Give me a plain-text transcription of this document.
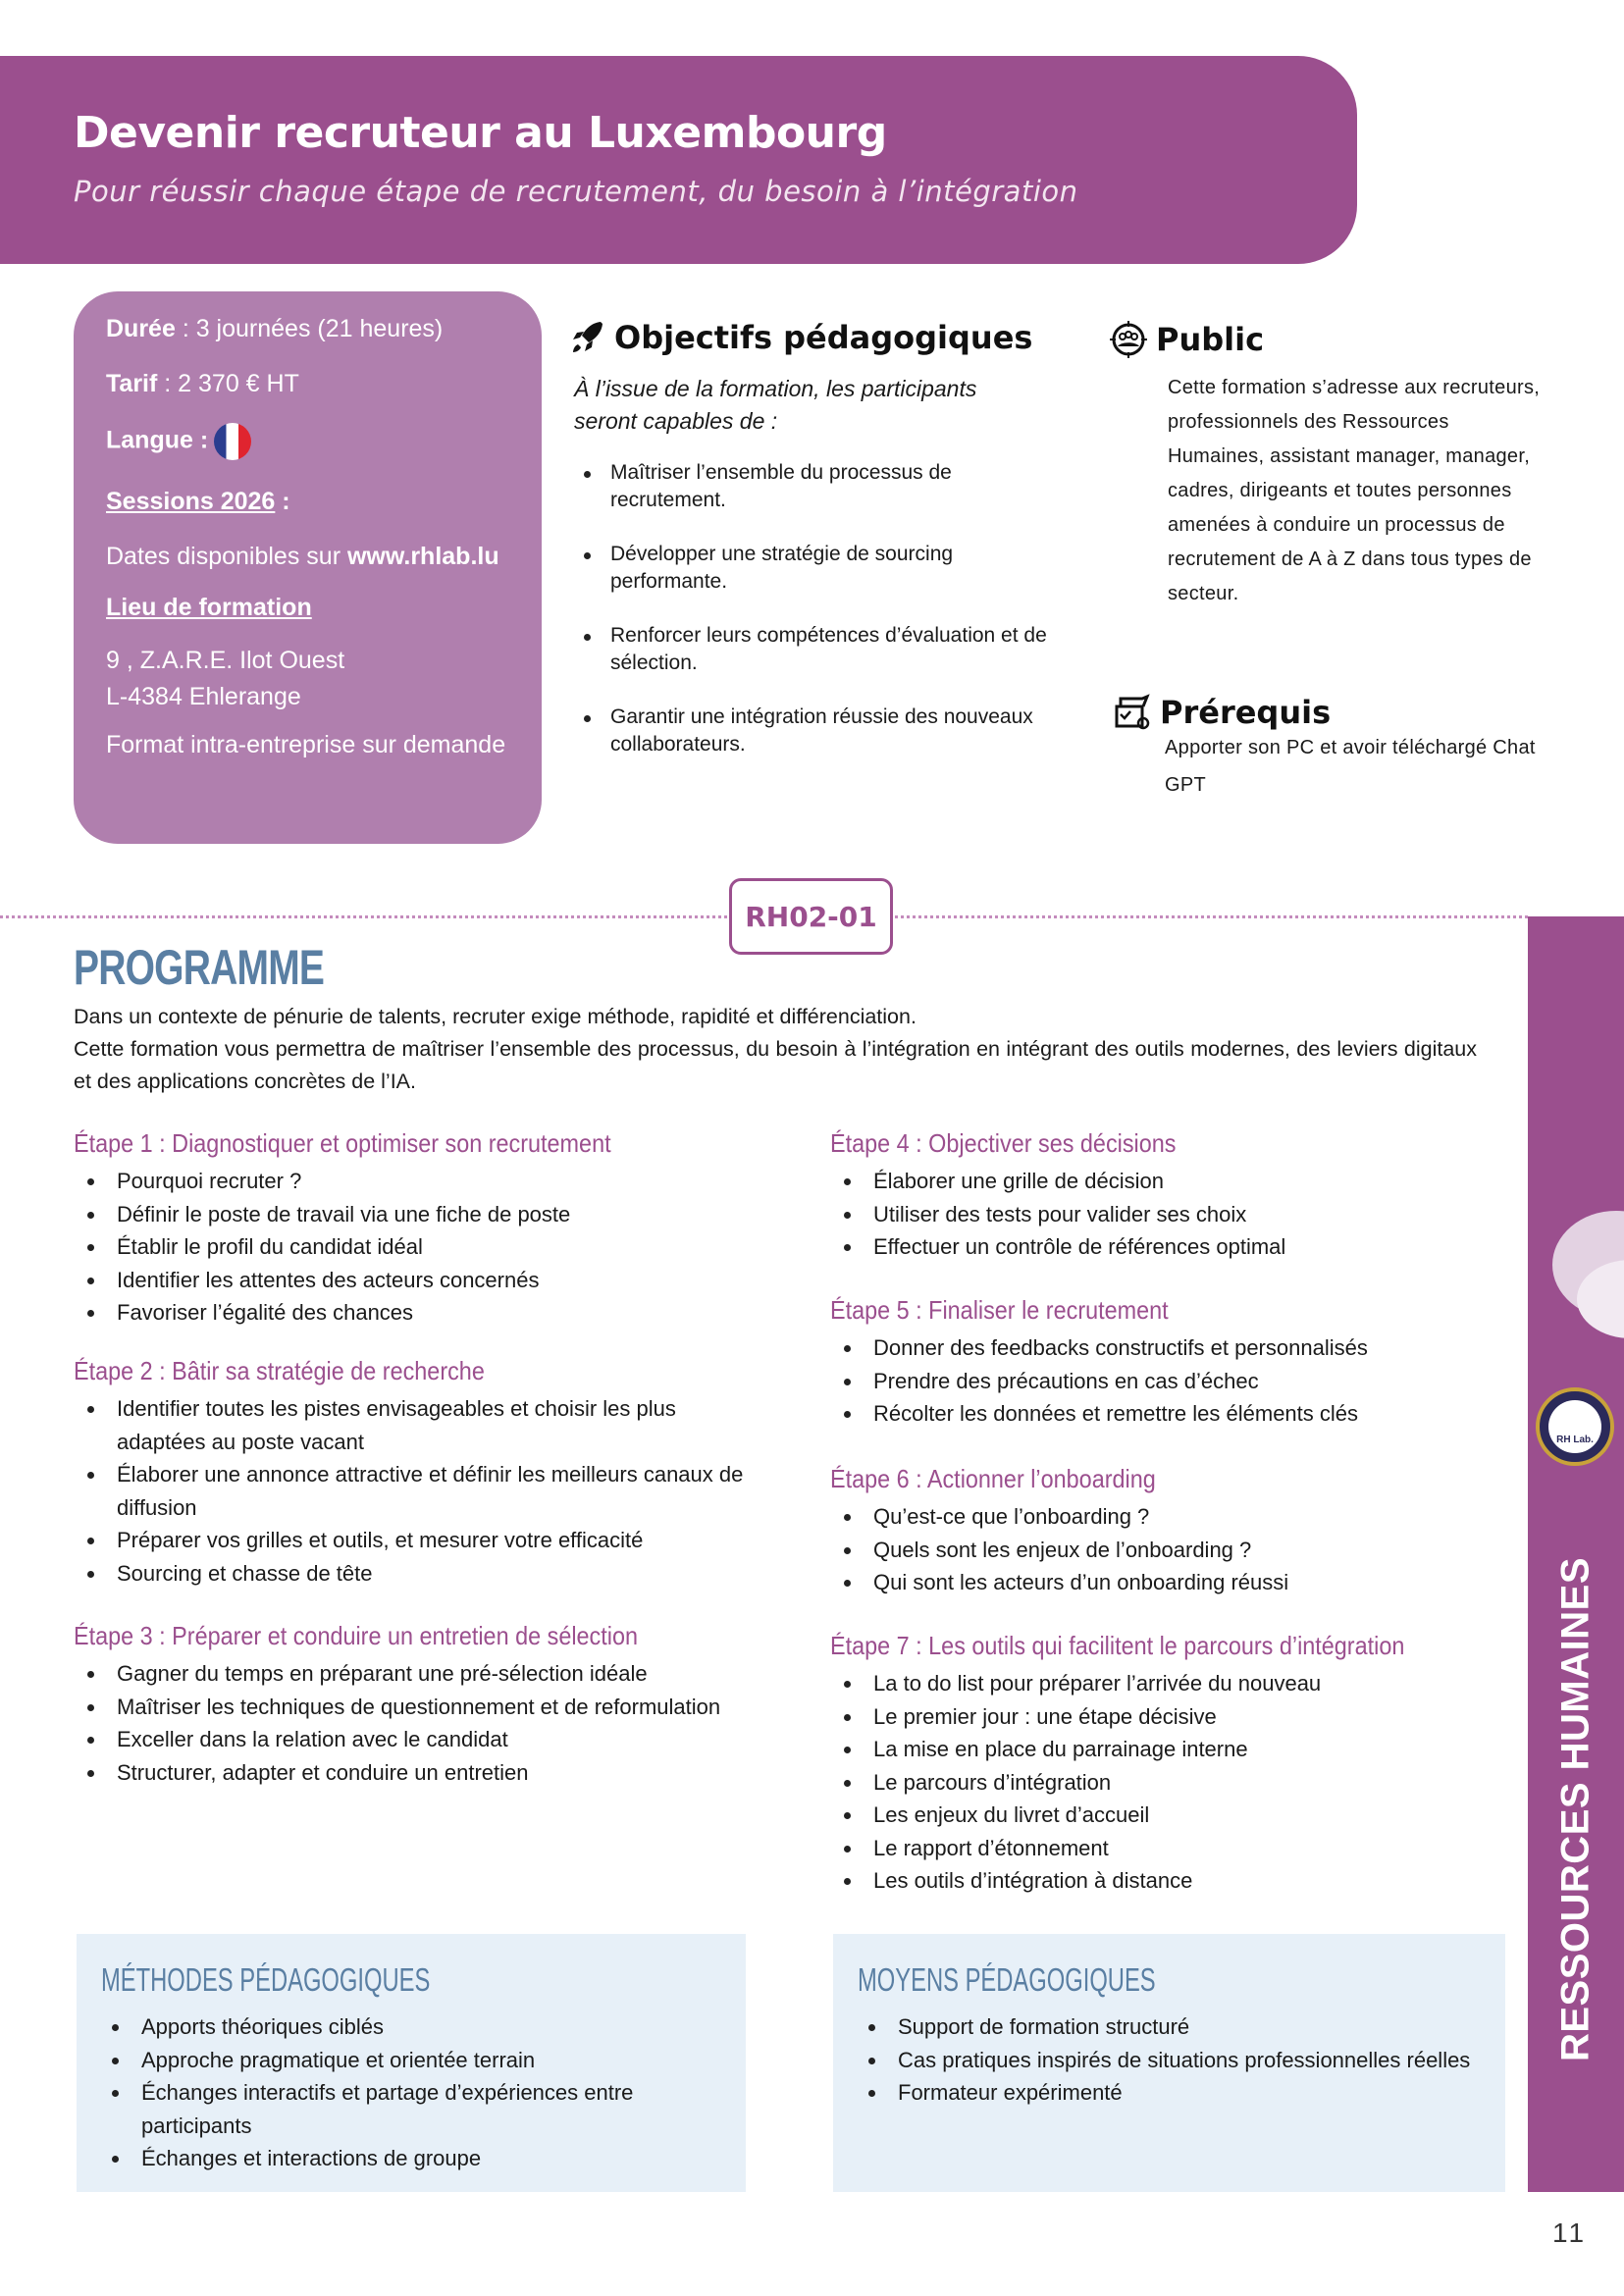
Devenir recruteur au Luxembourg

Pour réussir chaque étape de recrutement, du besoin à l’intégration

Durée : 3 journées (21 heures)
Tarif : 2 370 € HT
Langue :
Sessions 2026 :
Dates disponibles sur www.rhlab.lu
Lieu de formation
9 , Z.A.R.E. Ilot Ouest
L-4384 Ehlerange
Format intra-entreprise sur demande
Objectifs pédagogiques
À l’issue de la formation, les participants seront capables de :
Maîtriser l’ensemble du processus de recrutement.
Développer une stratégie de sourcing performante.
Renforcer leurs compétences d’évaluation et de sélection.
Garantir une intégration réussie des nouveaux collaborateurs.
Public
Cette formation s’adresse aux recruteurs, professionnels des Ressources Humaines, assistant manager, manager, cadres, dirigeants et toutes personnes amenées à conduire un processus de recrutement de A à Z dans tous types de secteur.
Prérequis
Apporter son PC et avoir téléchargé Chat GPT
RH02-01
RH Lab.
RESSOURCES HUMAINES
PROGRAMME
Dans un contexte de pénurie de talents, recruter exige méthode, rapidité et différenciation.
Cette formation vous permettra de maîtriser l’ensemble des processus, du besoin à l’intégration en intégrant des outils modernes, des leviers digitaux et des applications concrètes de l’IA.
Étape 1 : Diagnostiquer et optimiser son recrutement
Pourquoi recruter ?
Définir le poste de travail via une fiche de poste
Établir le profil du candidat idéal
Identifier les attentes des acteurs concernés
Favoriser l’égalité des chances
Étape 2 : Bâtir sa stratégie de recherche
Identifier toutes les pistes envisageables et choisir les plus adaptées au poste vacant
Élaborer une annonce attractive et définir les meilleurs canaux de diffusion
Préparer vos grilles et outils, et mesurer votre efficacité
Sourcing et chasse de tête
Étape 3 : Préparer et conduire un entretien de sélection
Gagner du temps en préparant une pré-sélection idéale
Maîtriser les techniques de questionnement et de reformulation
Exceller dans la relation avec le candidat
Structurer, adapter et conduire un entretien
Étape 4 : Objectiver ses décisions
Élaborer une grille de décision
Utiliser des tests pour valider ses choix
Effectuer un contrôle de références optimal
Étape 5 : Finaliser le recrutement
Donner des feedbacks constructifs et personnalisés
Prendre des précautions en cas d’échec
Récolter les données et remettre les éléments clés
Étape 6 : Actionner l’onboarding
Qu’est-ce que l’onboarding ?
Quels sont les enjeux de l’onboarding ?
Qui sont les acteurs d’un onboarding réussi
Étape 7 : Les outils qui facilitent le parcours d’intégration
La to do list pour préparer l’arrivée du nouveau
Le premier jour : une étape décisive
La mise en place du parrainage interne
Le parcours d’intégration
Les enjeux du livret d’accueil
Le rapport d’étonnement
Les outils d’intégration à distance
MÉTHODES PÉDAGOGIQUES
Apports théoriques ciblés
Approche pragmatique et orientée terrain
Échanges interactifs et partage d’expériences entre participants
Échanges et interactions de groupe
MOYENS PÉDAGOGIQUES
Support de formation structuré
Cas pratiques inspirés de situations professionnelles réelles
Formateur expérimenté
11
